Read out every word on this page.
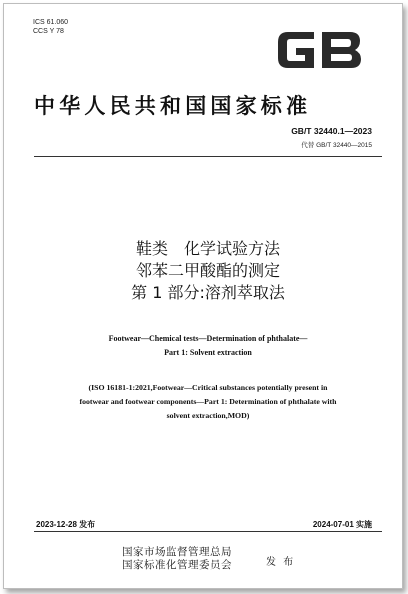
ICS 61.060
CCS Y 78
GB
中华人民共和国国家标准
GB/T 32440.1—2023
代替 GB/T 32440—2015
鞋类　化学试验方法
邻苯二甲酸酯的测定
第 1 部分:溶剂萃取法
Footwear—Chemical tests—Determination of phthalate—
Part 1: Solvent extraction
(ISO 16181-1:2021,Footwear—Critical substances potentially present in
footwear and footwear components—Part 1: Determination of phthalate with
solvent extraction,MOD)
2023-12-28 发布	2024-07-01 实施
国家市场监督管理总局
国家标准化管理委员会	发 布
